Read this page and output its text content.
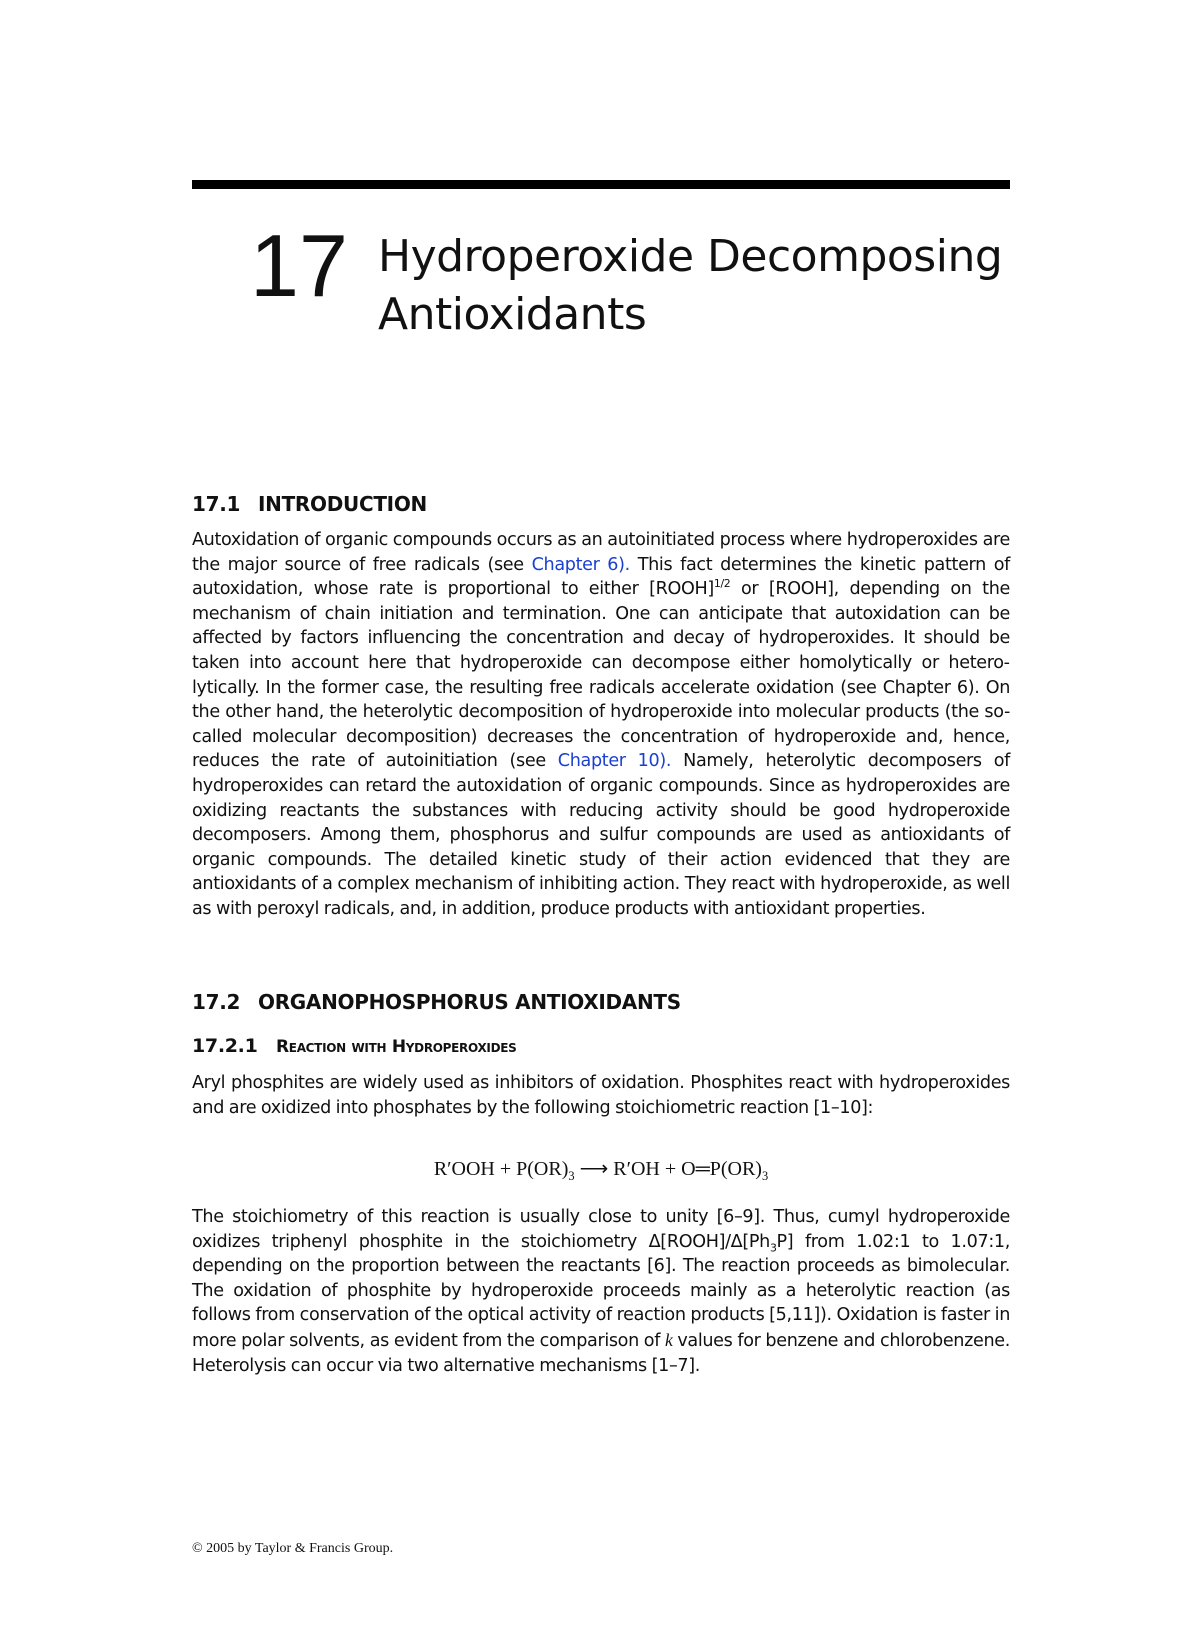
17 Hydroperoxide Decomposing
Antioxidants
17.1 INTRODUCTION

Autoxidation of organic compounds occurs as an autoinitiated process where hydroperoxides are the major source of free radicals (see Chapter 6). This fact determines the kinetic pattern of autoxidation, whose rate is proportional to either [ROOH]$^{1/2}$ or [ROOH], depending on the mechanism of chain initiation and termination. One can anticipate that autoxidation can be affected by factors influencing the concentration and decay of hydroperoxides. It should be taken into account here that hydroperoxide can decompose either homolytically or heterolytically. In the former case, the resulting free radicals accelerate oxidation (see Chapter 6). On the other hand, the heterolytic decomposition of hydroperoxide into molecular products (the so-called molecular decomposition) decreases the concentration of hydroperoxide and, hence, reduces the rate of autoinitiation (see Chapter 10). Namely, heterolytic decomposers of hydroperoxides can retard the autoxidation of organic compounds. Since as hydroperoxides are oxidizing reactants the substances with reducing activity should be good hydroperoxide decomposers. Among them, phosphorus and sulfur compounds are used as antioxidants of organic compounds. The detailed kinetic study of their action evidenced that they are antioxidants of a complex mechanism of inhibiting action. They react with hydroperoxide, as well as with peroxyl radicals, and, in addition, produce products with antioxidant properties.

17.2 ORGANOPHOSPHORUS ANTIOXIDANTS
17.2.1 Reaction with Hydroperoxides

Aryl phosphites are widely used as inhibitors of oxidation. Phosphites react with hydroperoxides and are oxidized into phosphates by the following stoichiometric reaction [1–10]:

$R'OOH + P(OR)_3$ ⟶ $R'OH + O═P(OR)_3$

The stoichiometry of this reaction is usually close to unity [6–9]. Thus, cumyl hydroperoxide oxidizes triphenyl phosphite in the stoichiometry $\Delta[ROOH]/\Delta[Ph_3P]$ from 1.02:1 to 1.07:1, depending on the proportion between the reactants [6]. The reaction proceeds as bimolecular. The oxidation of phosphite by hydroperoxide proceeds mainly as a heterolytic reaction (as follows from conservation of the optical activity of reaction products [5,11]). Oxidation is faster in more polar solvents, as evident from the comparison of k values for benzene and chlorobenzene. Heterolysis can occur via two alternative mechanisms [1–7].

© 2005 by Taylor & Francis Group.
